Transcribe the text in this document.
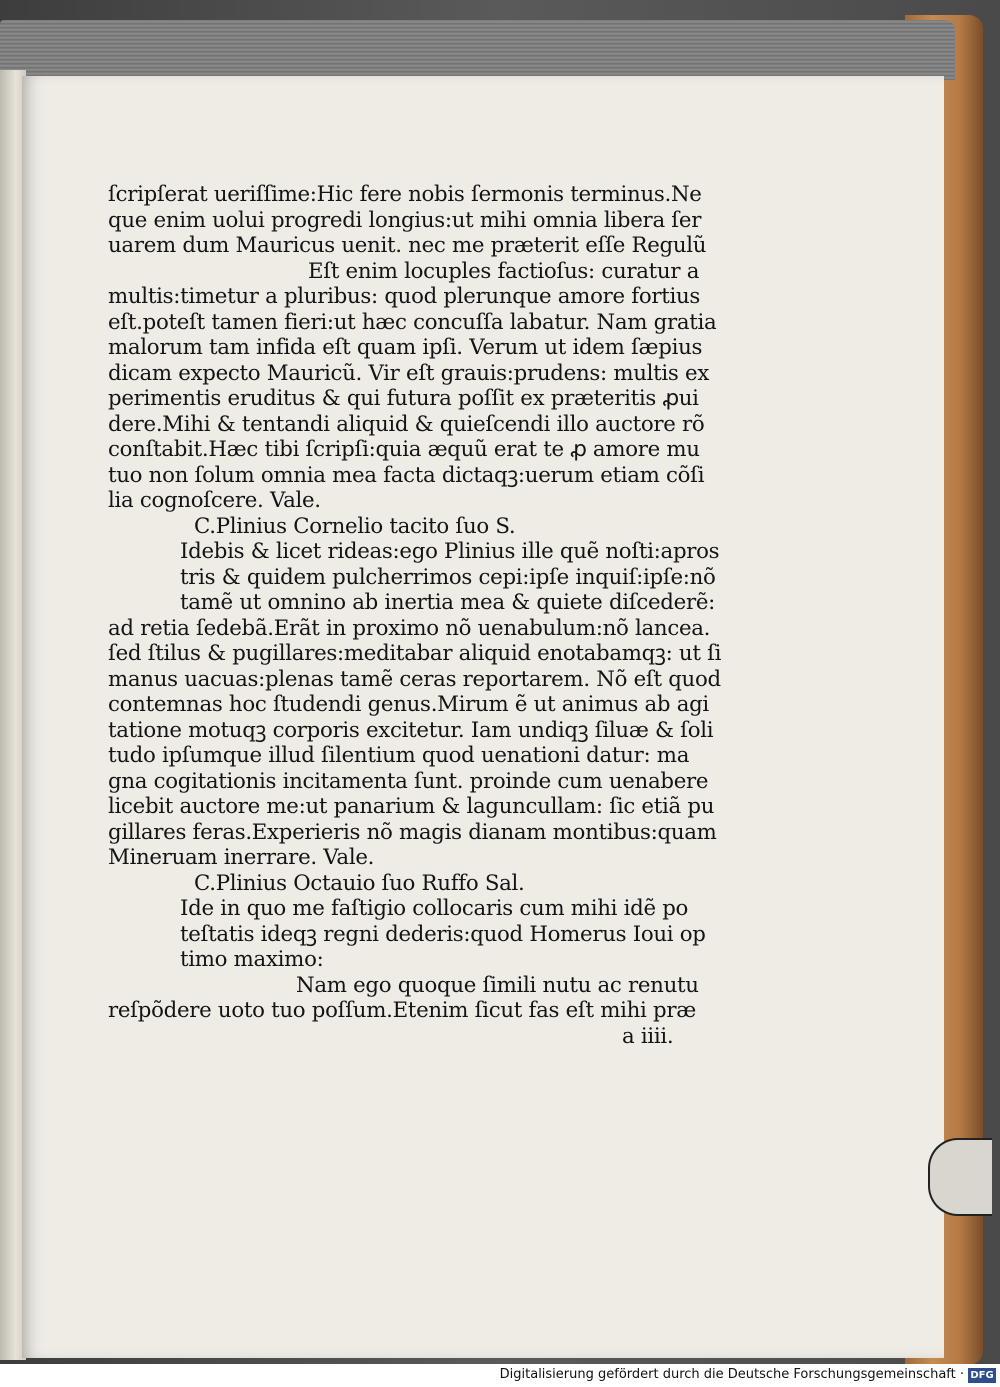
ſcripſerat ueriſſime:Hic fere nobis ſermonis terminus.Ne
que enim uolui progredi longius:ut mihi omnia libera ſer
uarem dum Mauricus uenit. nec me præterit eſſe Regulũ
Eſt enim locuples factioſus: curatur a
multis:timetur a pluribus: quod plerunque amore fortius
eſt.poteſt tamen fieri:ut hæc concuſſa labatur. Nam gratia
malorum tam infida eſt quam ipſi. Verum ut idem ſæpius
dicam expecto Mauricũ. Vir eſt grauis:prudens: multis ex
perimentis eruditus & qui futura poſſit ex præteritis ꝓui
dere.Mihi & tentandi aliquid & quieſcendi illo auctore rõ
conſtabit.Hæc tibi ſcripſi:quia æquũ erat te ꝓ amore mu
tuo non ſolum omnia mea facta dictaqꝫ:uerum etiam cõſi
lia cognoſcere. Vale.
C.Plinius Cornelio tacito ſuo S.
Idebis & licet rideas:ego Plinius ille quẽ noſti:apros
tris & quidem pulcherrimos cepi:ipſe inquiſ:ipſe:nõ
tamẽ ut omnino ab inertia mea & quiete diſcederẽ:
ad retia ſedebã.Erãt in proximo nõ uenabulum:nõ lancea.
ſed ſtilus & pugillares:meditabar aliquid enotabamqꝫ: ut ſi
manus uacuas:plenas tamẽ ceras reportarem. Nõ eſt quod
contemnas hoc ſtudendi genus.Mirum ẽ ut animus ab agi
tatione motuqꝫ corporis excitetur. Iam undiqꝫ ſiluæ & ſoli
tudo ipſumque illud ſilentium quod uenationi datur: ma
gna cogitationis incitamenta ſunt. proinde cum uenabere
licebit auctore me:ut panarium & laguncullam: ſic etiã pu
gillares feras.Experieris nõ magis dianam montibus:quam
Mineruam inerrare. Vale.
C.Plinius Octauio ſuo Ruffo Sal.
Ide in quo me faſtigio collocaris cum mihi idẽ po
teſtatis ideqꝫ regni dederis:quod Homerus Ioui op
timo maximo:
Nam ego quoque ſimili nutu ac renutu
reſpõdere uoto tuo poſſum.Etenim ſicut fas eſt mihi præ
a iiii.
Digitalisierung gefördert durch die Deutsche Forschungsgemeinschaft · DFG
